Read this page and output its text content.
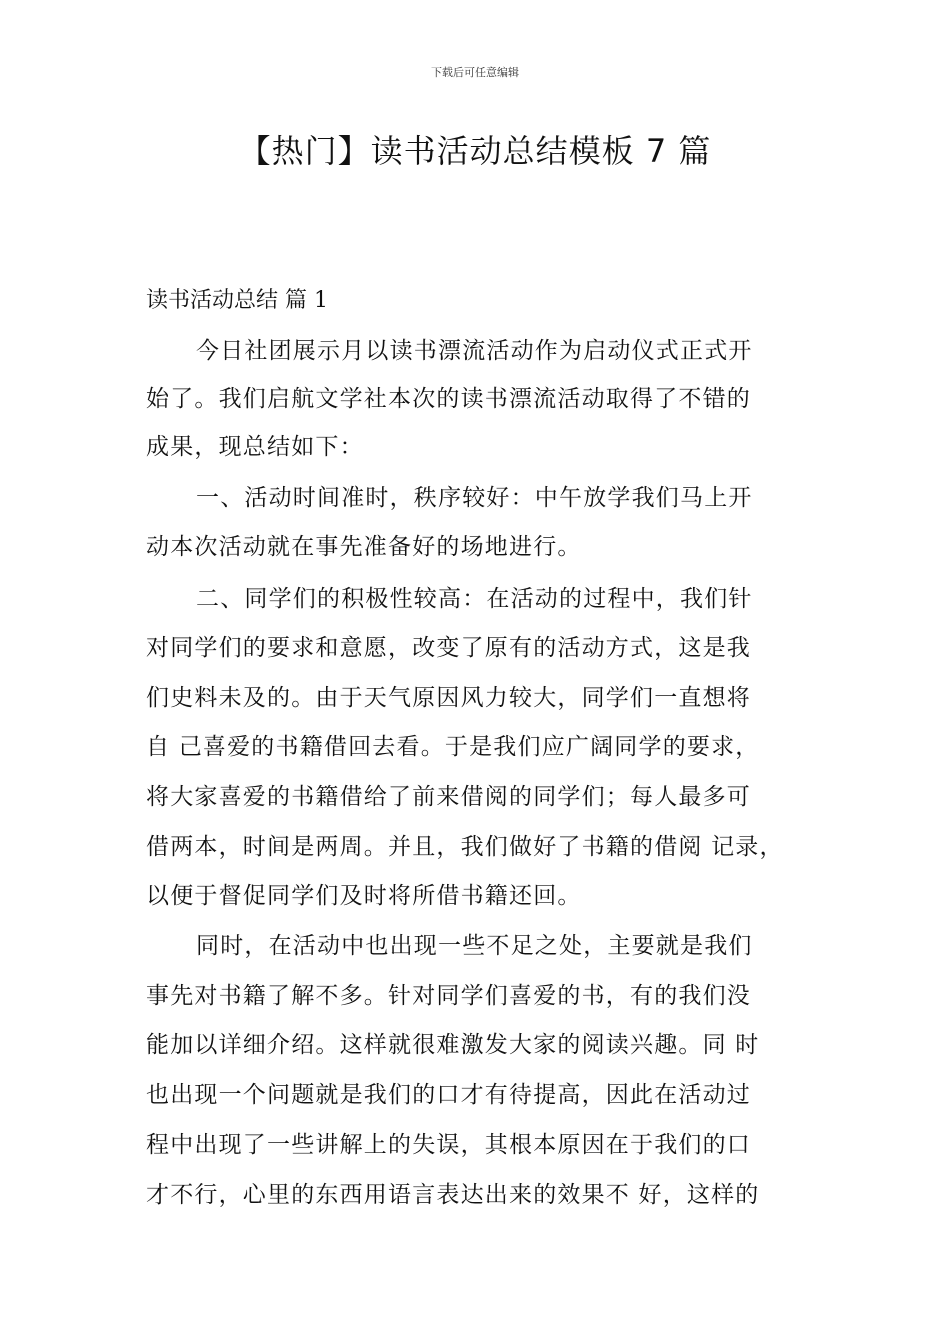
下载后可任意编辑
【热门】读书活动总结模板 7 篇
读书活动总结 篇 1
今日社团展示月以读书漂流活动作为启动仪式正式开
始了。我们启航文学社本次的读书漂流活动取得了不错的
成果，现总结如下：
一、活动时间准时，秩序较好：中午放学我们马上开
动本次活动就在事先准备好的场地进行。
二、同学们的积极性较高：在活动的过程中，我们针
对同学们的要求和意愿，改变了原有的活动方式，这是我
们史料未及的。由于天气原因风力较大，同学们一直想将
自 己喜爱的书籍借回去看。于是我们应广阔同学的要求，
将大家喜爱的书籍借给了前来借阅的同学们；每人最多可
借两本，时间是两周。并且，我们做好了书籍的借阅 记录，
以便于督促同学们及时将所借书籍还回。
同时，在活动中也出现一些不足之处，主要就是我们
事先对书籍了解不多。针对同学们喜爱的书，有的我们没
能加以详细介绍。这样就很难激发大家的阅读兴趣。同 时
也出现一个问题就是我们的口才有待提高，因此在活动过
程中出现了一些讲解上的失误，其根本原因在于我们的口
才不行，心里的东西用语言表达出来的效果不 好，这样的
